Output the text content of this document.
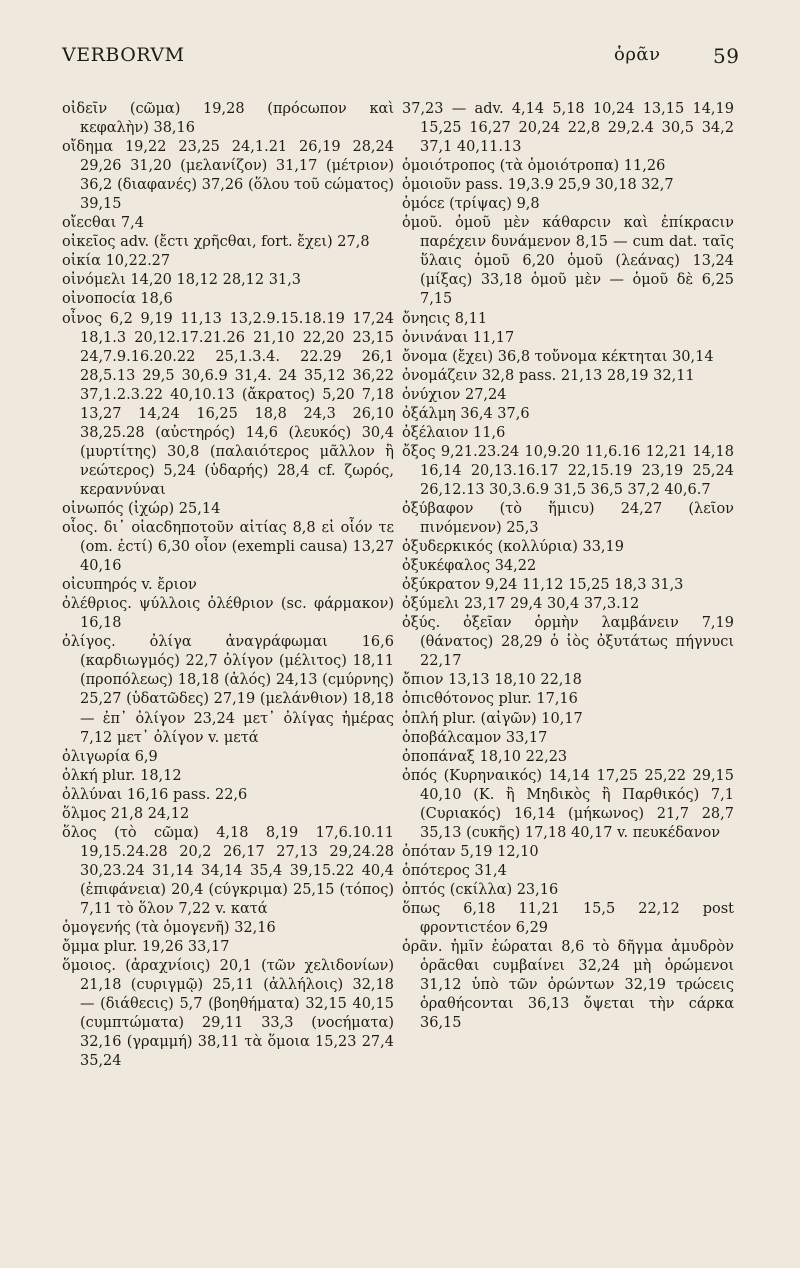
VERBORVM	ὁρᾶν	59

οἰδεῖν (cῶμα) 19,28 (πρόcωπον καὶ κεφαλὴν) 38,16

οἴδημα 19,22 23,25 24,1.21 26,19 28,24 29,26 31,20 (μελανίζον) 31,17 (μέτριον) 36,2 (διαφανές) 37,26 (ὅλου τοῦ cώματος) 39,15

οἴεcθαι 7,4

οἰκεῖος adv. (ἔcτι χρῆcθαι, fort. ἔχει) 27,8

οἰκία 10,22.27

οἰνόμελι 14,20 18,12 28,12 31,3

οἰνοποcία 18,6

οἶνος 6,2 9,19 11,13 13,2.9.15.18.19 17,24 18,1.3 20,12.17.21.26 21,10 22,20 23,15 24,7.9.16.20.22 25,1.3.4. 22.29 26,1 28,5.13 29,5 30,6.9 31,4. 24 35,12 36,22 37,1.2.3.22 40,10.13 (ἄκρατος) 5,20 7,18 13,27 14,24 16,25 18,8 24,3 26,10 38,25.28 (αὐcτηρός) 14,6 (λευκός) 30,4 (μυρτίτης) 30,8 (παλαιότερος μᾶλλον ἢ νεώτερος) 5,24 (ὑδαρής) 28,4 cf. ζωρός, κεραννύναι

οἰνωπός (ἰχώρ) 25,14

οἷος. δι᾿ οἱαcδηποτοῦν αἰτίας 8,8 εἰ οἷόν τε (om. ἐcτί) 6,30 οἷον (exempli causa) 13,27 40,16

οἰcυπηρός v. ἔριον

ὀλέθριος. ψύλλοις ὀλέθριον (sc. φάρμακον) 16,18

ὀλίγος. ὀλίγα ἀναγράφωμαι 16,6 (καρδιωγμός) 22,7 ὀλίγον (μέλιτος) 18,11 (προπόλεως) 18,18 (ἁλός) 24,13 (cμύρνης) 25,27 (ὑδατῶδες) 27,19 (μελάνθιον) 18,18 — ἐπ᾿ ὀλίγον 23,24 μετ᾿ ὀλίγας ἡμέρας 7,12 μετ᾿ ὀλίγον v. μετά

ὀλιγωρία 6,9

ὁλκή plur. 18,12

ὀλλύναι 16,16 pass. 22,6

ὅλμος 21,8 24,12

ὅλος (τὸ cῶμα) 4,18 8,19 17,6.10.11 19,15.24.28 20,2 26,17 27,13 29,24.28 30,23.24 31,14 34,14 35,4 39,15.22 40,4 (ἐπιφάνεια) 20,4 (cύγκριμα) 25,15 (τόπος) 7,11 τὸ ὅλον 7,22 v. κατά

ὁμογενής (τὰ ὁμογενῆ) 32,16

ὄμμα plur. 19,26 33,17

ὅμοιος. (ἀραχνίοις) 20,1 (τῶν χελιδονίων) 21,18 (cυριγμῷ) 25,11 (ἀλλήλοις) 32,18 — (διάθεcις) 5,7 (βοηθήματα) 32,15 40,15 (cυμπτώματα) 29,11 33,3 (νοcήματα) 32,16 (γραμμή) 38,11 τὰ ὅμοια 15,23 27,4 35,24

37,23 — adv. 4,14 5,18 10,24 13,15 14,19 15,25 16,27 20,24 22,8 29,2.4 30,5 34,2 37,1 40,11.13

ὁμοιότροπος (τὰ ὁμοιότροπα) 11,26

ὁμοιοῦν pass. 19,3.9 25,9 30,18 32,7

ὁμόcε (τρίψας) 9,8

ὁμοῦ. ὁμοῦ μὲν κάθαρcιν καὶ ἐπίκραcιν παρέχειν δυνάμενον 8,15 — cum dat. ταῖς ὕλαις ὁμοῦ 6,20 ὁμοῦ (λεάνας) 13,24 (μίξας) 33,18 ὁμοῦ μὲν — ὁμοῦ δὲ 6,25 7,15

ὄνηcις 8,11

ὀνινάναι 11,17

ὄνομα (ἔχει) 36,8 τοὔνομα κέκτηται 30,14

ὀνομάζειν 32,8 pass. 21,13 28,19 32,11

ὀνύχιον 27,24

ὀξάλμη 36,4 37,6

ὀξέλαιον 11,6

ὄξος 9,21.23.24 10,9.20 11,6.16 12,21 14,18 16,14 20,13.16.17 22,15.19 23,19 25,24 26,12.13 30,3.6.9 31,5 36,5 37,2 40,6.7

ὀξύβαφον (τὸ ἥμιcυ) 24,27 (λεῖον πινόμενον) 25,3

ὀξυδερκικός (κολλύρια) 33,19

ὀξυκέφαλος 34,22

ὀξύκρατον 9,24 11,12 15,25 18,3 31,3

ὀξύμελι 23,17 29,4 30,4 37,3.12

ὀξύς. ὀξεῖαν ὁρμὴν λαμβάνειν 7,19 (θάνατος) 28,29 ὁ ἰὸς ὀξυτάτως πήγνυcι 22,17

ὄπιον 13,13 18,10 22,18

ὀπιcθότονος plur. 17,16

ὁπλή plur. (αἰγῶν) 10,17

ὀποβάλcαμον 33,17

ὀποπάναξ 18,10 22,23

ὀπός (Κυρηναικός) 14,14 17,25 25,22 29,15 40,10 (Κ. ἢ Μηδικὸς ἢ Παρθικός) 7,1 (Cυριακός) 16,14 (μήκωνος) 21,7 28,7 35,13 (cυκῆς) 17,18 40,17 v. πευκέδανον

ὁπόταν 5,19 12,10

ὁπότερος 31,4

ὀπτός (cκίλλα) 23,16

ὅπως 6,18 11,21 15,5 22,12 post φροντιcτέον 6,29

ὁρᾶν. ἡμῖν ἑώραται 8,6 τὸ δῆγμα ἀμυδρὸν ὁρᾶcθαι cυμβαίνει 32,24 μὴ ὁρώμενοι 31,12 ὑπὸ τῶν ὁρώντων 32,19 τρώcεις ὁραθήcονται 36,13 ὄψεται τὴν cάρκα 36,15
